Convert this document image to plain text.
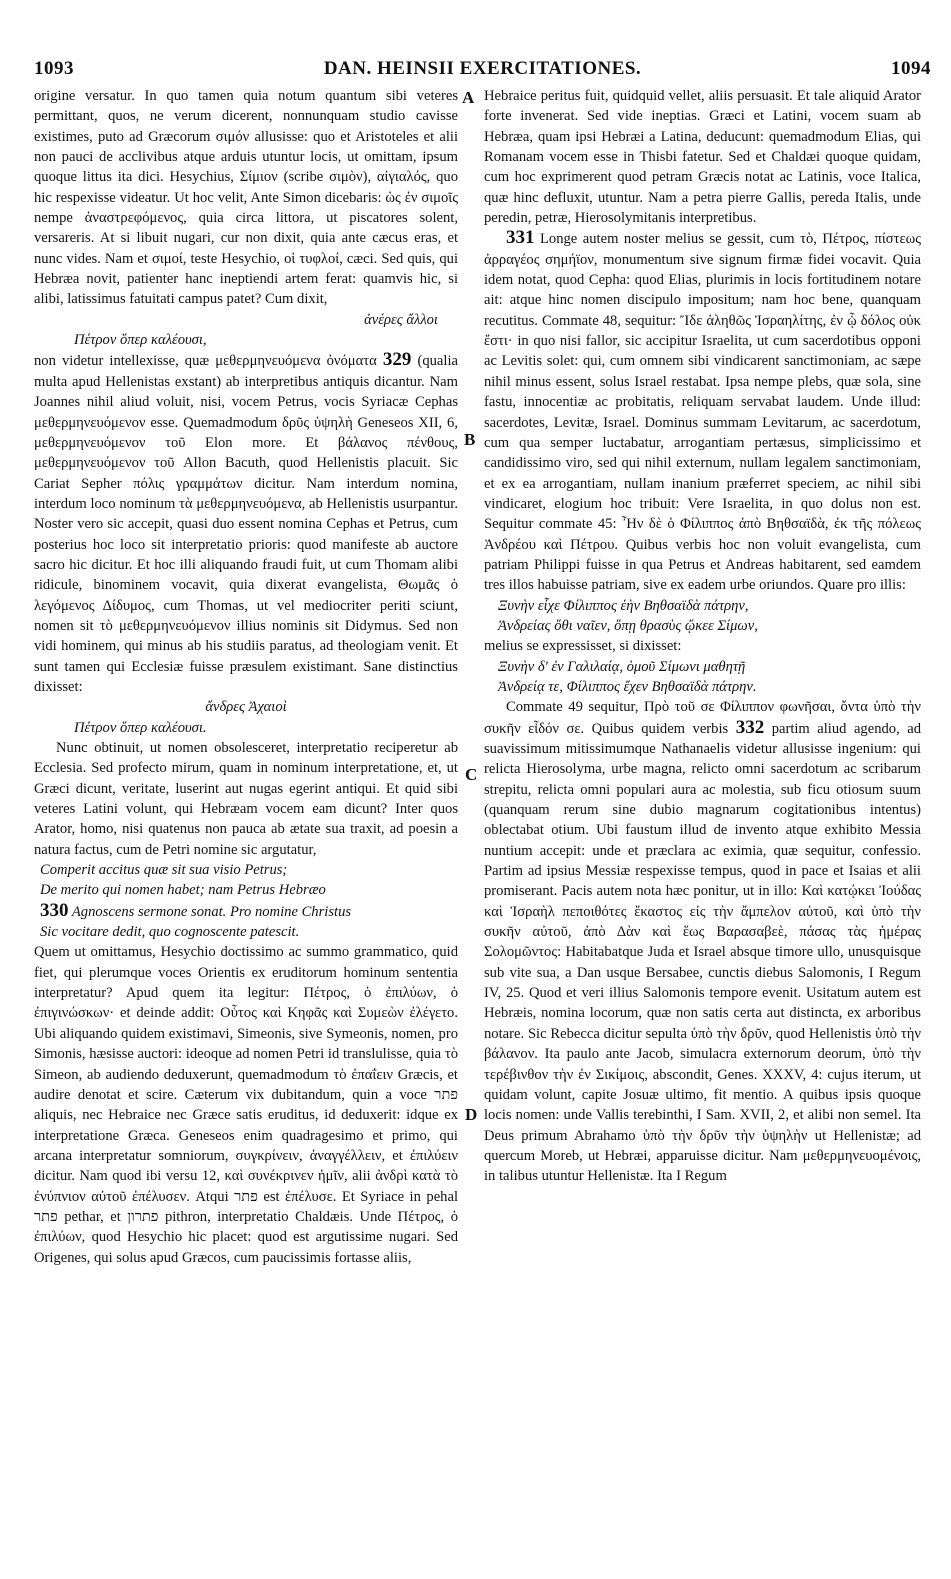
1093	DAN. HEINSII EXERCITATIONES.	1094
A
B
C
D

origine versatur. In quo tamen quia notum quantum sibi veteres permittant, quos, ne verum dicerent, nonnunquam studio cavisse existimes, puto ad Græcorum σιμόν allusisse: quo et Aristoteles et alii non pauci de acclivibus atque arduis utuntur locis, ut omittam, ipsum quoque littus ita dici. Hesychius, Σίμιον (scribe σιμὸν), αἰγιαλός, quo hic respexisse videatur. Ut hoc velit, Ante Simon dicebaris: ὡς ἐν σιμοῖς nempe ἀναστρεφόμενος, quia circa littora, ut piscatores solent, versareris. At si libuit nugari, cur non dixit, quia ante cæcus eras, et nunc vides. Nam et σιμοί, teste Hesychio, οἱ τυφλοί, cæci. Sed quis, qui Hebræa novit, patienter hanc ineptiendi artem ferat: quamvis hic, si alibi, latissimus fatuitati campus patet? Cum dixit,

ἀνέρες ἄλλοι
Πέτρον ὅπερ καλέουσι,

non videtur intellexisse, quæ μεθερμηνευόμενα ὀνόματα 329 (qualia multa apud Hellenistas exstant) ab interpretibus antiquis dicantur. Nam Joannes nihil aliud voluit, nisi, vocem Petrus, vocis Syriacæ Cephas μεθερμηνευόμενον esse. Quemadmodum δρῦς ὑψηλὴ Geneseos XII, 6, μεθερμηνευόμενον τοῦ Elon more. Et βάλανος πένθους, μεθερμηνευόμενον τοῦ Allon Bacuth, quod Hellenistis placuit. Sic Cariat Sepher πόλις γραμμάτων dicitur. Nam interdum nomina, interdum loco nominum τὰ μεθερμηνευόμενα, ab Hellenistis usurpantur. Noster vero sic accepit, quasi duo essent nomina Cephas et Petrus, cum posterius hoc loco sit interpretatio prioris: quod manifeste ab auctore sacro hic dicitur. Et hoc illi aliquando fraudi fuit, ut cum Thomam alibi ridicule, binominem vocavit, quia dixerat evangelista, Θωμᾶς ὁ λεγόμενος Δίδυμος, cum Thomas, ut vel mediocriter periti sciunt, nomen sit τὸ μεθερμηνευόμενον illius nominis sit Didymus. Sed non vidi hominem, qui minus ab his studiis paratus, ad theologiam venit. Et sunt tamen qui Ecclesiæ fuisse præsulem existimant. Sane distinctius dixisset:

ἄνδρες Ἀχαιοὶ
Πέτρον ὅπερ καλέουσι.

Nunc obtinuit, ut nomen obsolesceret, interpretatio reciperetur ab Ecclesia. Sed profecto mirum, quam in nominum interpretatione, et, ut Græci dicunt, veritate, luserint aut nugas egerint antiqui. Et quid sibi veteres Latini volunt, qui Hebræam vocem eam dicunt? Inter quos Arator, homo, nisi quatenus non pauca ab ætate sua traxit, ad poesin a natura factus, cum de Petri nomine sic argutatur,

Comperit accitus quæ sit sua visio Petrus;
De merito qui nomen habet; nam Petrus Hebræo
330 Agnoscens sermone sonat. Pro nomine Christus
Sic vocitare dedit, quo cognoscente patescit.

Quem ut omittamus, Hesychio doctissimo ac summo grammatico, quid fiet, qui plerumque voces Orientis ex eruditorum hominum sententia interpretatur? Apud quem ita legitur: Πέτρος, ὁ ἐπιλύων, ὁ ἐπιγινώσκων· et deinde addit: Οὗτος καὶ Κηφᾶς καὶ Συμεὼν ἐλέγετο. Ubi aliquando quidem existimavi, Simeonis, sive Symeonis, nomen, pro Simonis, hæsisse auctori: ideoque ad nomen Petri id translulisse, quia τὸ Simeon, ab audiendo deduxerunt, quemadmodum τὸ ἐπαΐειν Græcis, et audire denotat et scire. Cæterum vix dubitandum, quin a voce פתר aliquis, nec Hebraice nec Græce satis eruditus, id deduxerit: idque ex interpretatione Græca. Geneseos enim quadragesimo et primo, qui arcana interpretatur somniorum, συγκρίνειν, ἀναγγέλλειν, et ἐπιλύειν dicitur. Nam quod ibi versu 12, καὶ συνέκρινεν ἡμῖν, alii ἀνδρὶ κατὰ τὸ ἐνύπνιον αὐτοῦ ἐπέλυσεν. Atqui פתר est ἐπέλυσε. Et Syriace in pehal פתר pethar, et פתרון pithron, interpretatio Chaldæis. Unde Πέτρος, ὁ ἐπιλύων, quod Hesychio hic placet: quod est argutissime nugari. Sed Origenes, qui solus apud Græcos, cum paucissimis fortasse aliis,

Hebraice peritus fuit, quidquid vellet, aliis persuasit. Et tale aliquid Arator forte invenerat. Sed vide ineptias. Græci et Latini, vocem suam ab Hebræa, quam ipsi Hebræi a Latina, deducunt: quemadmodum Elias, qui Romanam vocem esse in Thisbi fatetur. Sed et Chaldæi quoque quidam, cum hoc exprimerent quod petram Græcis notat ac Latinis, voce Italica, quæ hinc defluxit, utuntur. Nam a petra pierre Gallis, pereda Italis, unde peredin, petræ, Hierosolymitanis interpretibus.

331 Longe autem noster melius se gessit, cum τὸ, Πέτρος, πίστεως ἀρραγέος σημήϊον, monumentum sive signum firmæ fidei vocavit. Quia idem notat, quod Cepha: quod Elias, plurimis in locis fortitudinem notare ait: atque hinc nomen discipulo impositum; nam hoc bene, quanquam recutitus. Commate 48, sequitur: Ἴδε ἀληθῶς Ἰσραηλίτης, ἐν ᾧ δόλος οὐκ ἔστι· in quo nisi fallor, sic accipitur Israelita, ut cum sacerdotibus opponi ac Levitis solet: qui, cum omnem sibi vindicarent sanctimoniam, ac sæpe nihil minus essent, solus Israel restabat. Ipsa nempe plebs, quæ sola, sine fastu, innocentiæ ac probitatis, reliquam servabat laudem. Unde illud: sacerdotes, Levitæ, Israel. Dominus summam Levitarum, ac sacerdotum, cum qua semper luctabatur, arrogantiam pertæsus, simplicissimo et candidissimo viro, sed qui nihil externum, nullam legalem sanctimoniam, et ex ea arrogantiam, nullam inanium præferret speciem, ac nihil sibi vindicaret, elogium hoc tribuit: Vere Israelita, in quo dolus non est. Sequitur commate 45: Ἦν δὲ ὁ Φίλιππος ἀπὸ Βηθσαϊδὰ, ἐκ τῆς πόλεως Ἀνδρέου καὶ Πέτρου. Quibus verbis hoc non voluit evangelista, cum patriam Philippi fuisse in qua Petrus et Andreas habitarent, sed eamdem tres illos habuisse patriam, sive ex eadem urbe oriundos. Quare pro illis:

Ξυνὴν εἶχε Φίλιππος ἑὴν Βηθσαϊδὰ πάτρην,
Ἀνδρείας ὅθι ναῖεν, ὅπῃ θρασὺς ᾤκεε Σίμων,

melius se expressisset, si dixisset:

Ξυνὴν δ' ἐν Γαλιλαίᾳ, ὁμοῦ Σίμωνι μαθητῇ
Ἀνδρείᾳ τε, Φίλιππος ἔχεν Βηθσαϊδὰ πάτρην.

Commate 49 sequitur, Πρὸ τοῦ σε Φίλιππον φωνῆσαι, ὄντα ὑπὸ τὴν συκῆν εἶδόν σε. Quibus quidem verbis 332 partim aliud agendo, ad suavissimum mitissimumque Nathanaelis videtur allusisse ingenium: qui relicta Hierosolyma, urbe magna, relicto omni sacerdotum ac scribarum strepitu, relicta omni populari aura ac molestia, sub ficu otiosum suum (quanquam rerum sine dubio magnarum cogitationibus intentus) oblectabat otium. Ubi faustum illud de invento atque exhibito Messia nuntium accepit: unde et præclara ac eximia, quæ sequitur, confessio. Partim ad ipsius Messiæ respexisse tempus, quod in pace et Isaias et alii promiserant. Pacis autem nota hæc ponitur, ut in illo: Καὶ κατῴκει Ἰούδας καὶ Ἰσραὴλ πεποιθότες ἕκαστος εἰς τὴν ἄμπελον αὐτοῦ, καὶ ὑπὸ τὴν συκῆν αὐτοῦ, ἀπὸ Δὰν καὶ ἕως Βαρασαβεὲ, πάσας τὰς ἡμέρας Σολομῶντος: Habitabatque Juda et Israel absque timore ullo, unusquisque sub vite sua, a Dan usque Bersabee, cunctis diebus Salomonis, I Regum IV, 25. Quod et veri illius Salomonis tempore evenit. Usitatum autem est Hebræis, nomina locorum, quæ non satis certa aut distincta, ex arboribus notare. Sic Rebecca dicitur sepulta ὑπὸ τὴν δρῦν, quod Hellenistis ὑπὸ τὴν βάλανον. Ita paulo ante Jacob, simulacra externorum deorum, ὑπὸ τὴν τερέβινθον τὴν ἐν Σικίμοις, abscondit, Genes. XXXV, 4: cujus iterum, ut quidam volunt, capite Josuæ ultimo, fit mentio. A quibus ipsis quoque locis nomen: unde Vallis terebinthi, I Sam. XVII, 2, et alibi non semel. Ita Deus primum Abrahamo ὑπὸ τὴν δρῦν τὴν ὑψηλὴν ut Hellenistæ; ad quercum Moreb, ut Hebræi, apparuisse dicitur. Nam μεθερμηνευομένοις, in talibus utuntur Hellenistæ. Ita I Regum
